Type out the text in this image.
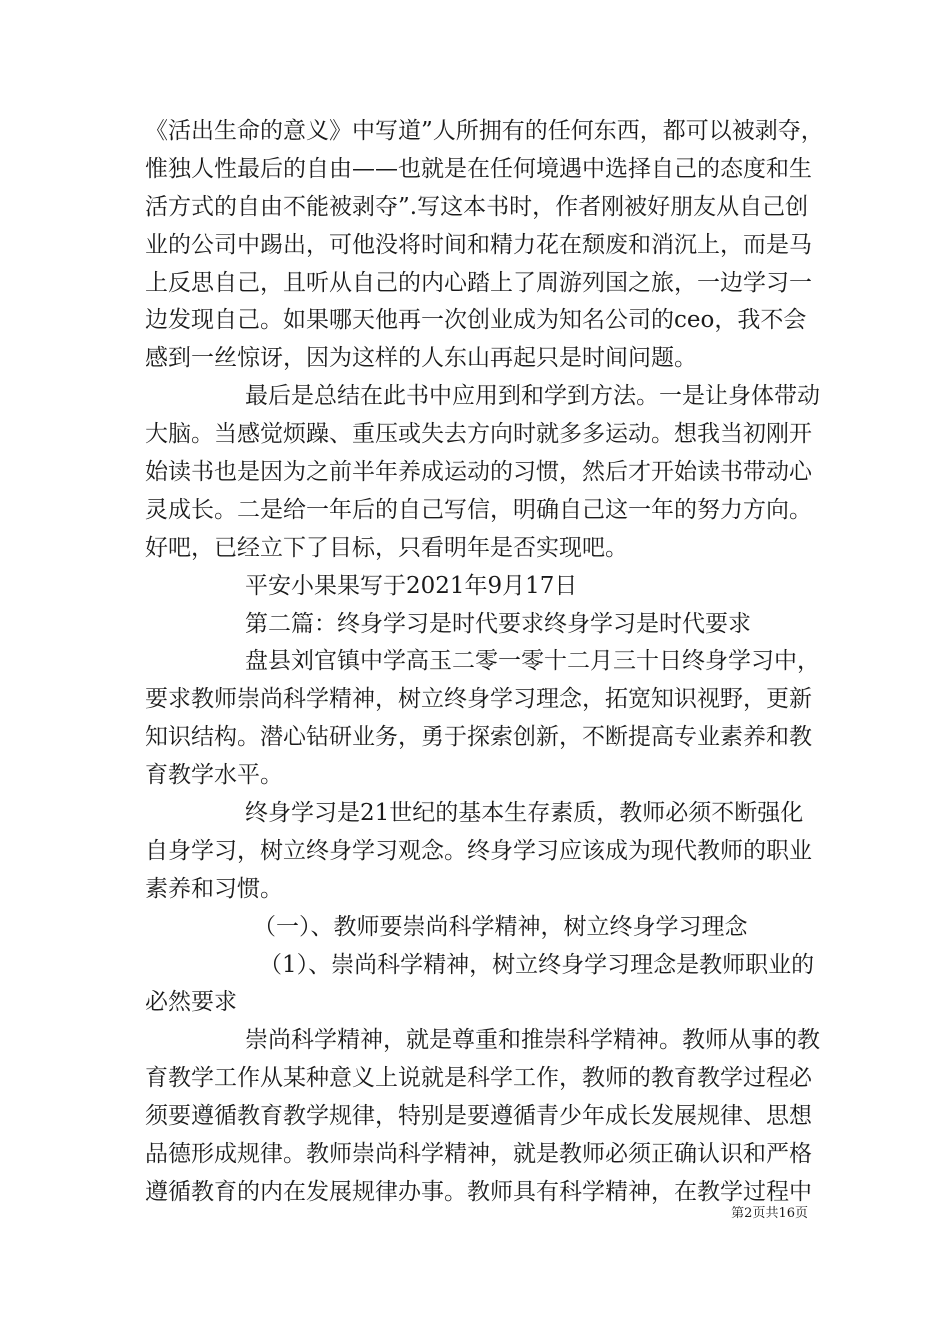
《活出生命的意义》中写道”人所拥有的任何东西，都可以被剥夺，
惟独人性最后的自由——也就是在任何境遇中选择自己的态度和生
活方式的自由不能被剥夺”.写这本书时，作者刚被好朋友从自己创
业的公司中踢出，可他没将时间和精力花在颓废和消沉上，而是马
上反思自己，且听从自己的内心踏上了周游列国之旅，一边学习一
边发现自己。如果哪天他再一次创业成为知名公司的ceo，我不会
感到一丝惊讶，因为这样的人东山再起只是时间问题。
最后是总结在此书中应用到和学到方法。一是让身体带动
大脑。当感觉烦躁、重压或失去方向时就多多运动。想我当初刚开
始读书也是因为之前半年养成运动的习惯，然后才开始读书带动心
灵成长。二是给一年后的自己写信，明确自己这一年的努力方向。
好吧，已经立下了目标，只看明年是否实现吧。
平安小果果写于2021年9月17日
第二篇：终身学习是时代要求终身学习是时代要求
盘县刘官镇中学高玉二零一零十二月三十日终身学习中，
要求教师崇尚科学精神，树立终身学习理念，拓宽知识视野，更新
知识结构。潜心钻研业务，勇于探索创新，不断提高专业素养和教
育教学水平。
终身学习是21世纪的基本生存素质，教师必须不断强化
自身学习，树立终身学习观念。终身学习应该成为现代教师的职业
素养和习惯。
（一）、教师要崇尚科学精神，树立终身学习理念
（1）、崇尚科学精神，树立终身学习理念是教师职业的
必然要求
崇尚科学精神，就是尊重和推崇科学精神。教师从事的教
育教学工作从某种意义上说就是科学工作，教师的教育教学过程必
须要遵循教育教学规律，特别是要遵循青少年成长发展规律、思想
品德形成规律。教师崇尚科学精神，就是教师必须正确认识和严格
遵循教育的内在发展规律办事。教师具有科学精神，在教学过程中
第2页共16页
